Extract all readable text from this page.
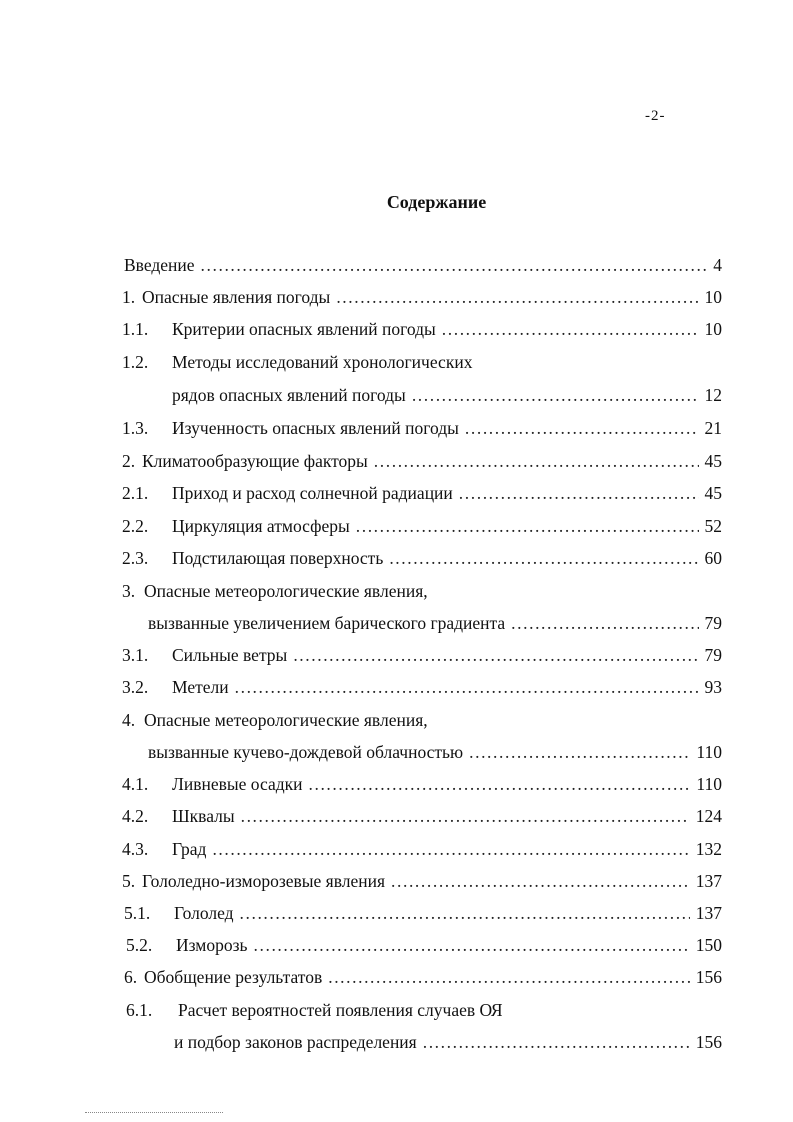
-2-
Содержание
Введение .....	4
1. Опасные явления погоды .....	10
1.1.	Критерии опасных явлений погоды .....	10
1.2.	Методы исследований хронологических
рядов опасных явлений погоды .....	12
1.3.	Изученность опасных явлений погоды .....	21
2. Климатообразующие факторы .....	45
2.1.	Приход и расход солнечной радиации .....	45
2.2.	Циркуляция атмосферы .....	52
2.3.	Подстилающая поверхность .....	60
3. Опасные метеорологические явления,
вызванные увеличением барического градиента .....	79
3.1.	Сильные ветры .....	79
3.2.	Метели .....	93
4. Опасные метеорологические явления,
вызванные кучево-дождевой облачностью .....	110
4.1.	Ливневые осадки .....	110
4.2.	Шквалы .....	124
4.3.	Град .....	132
5. Гололедно-изморозевые явления .....	137
5.1.	Гололед .....	137
5.2.	Изморозь .....	150
6. Обобщение результатов .....	156
6.1.	Расчет вероятностей появления случаев ОЯ
и подбор законов распределения .....	156
